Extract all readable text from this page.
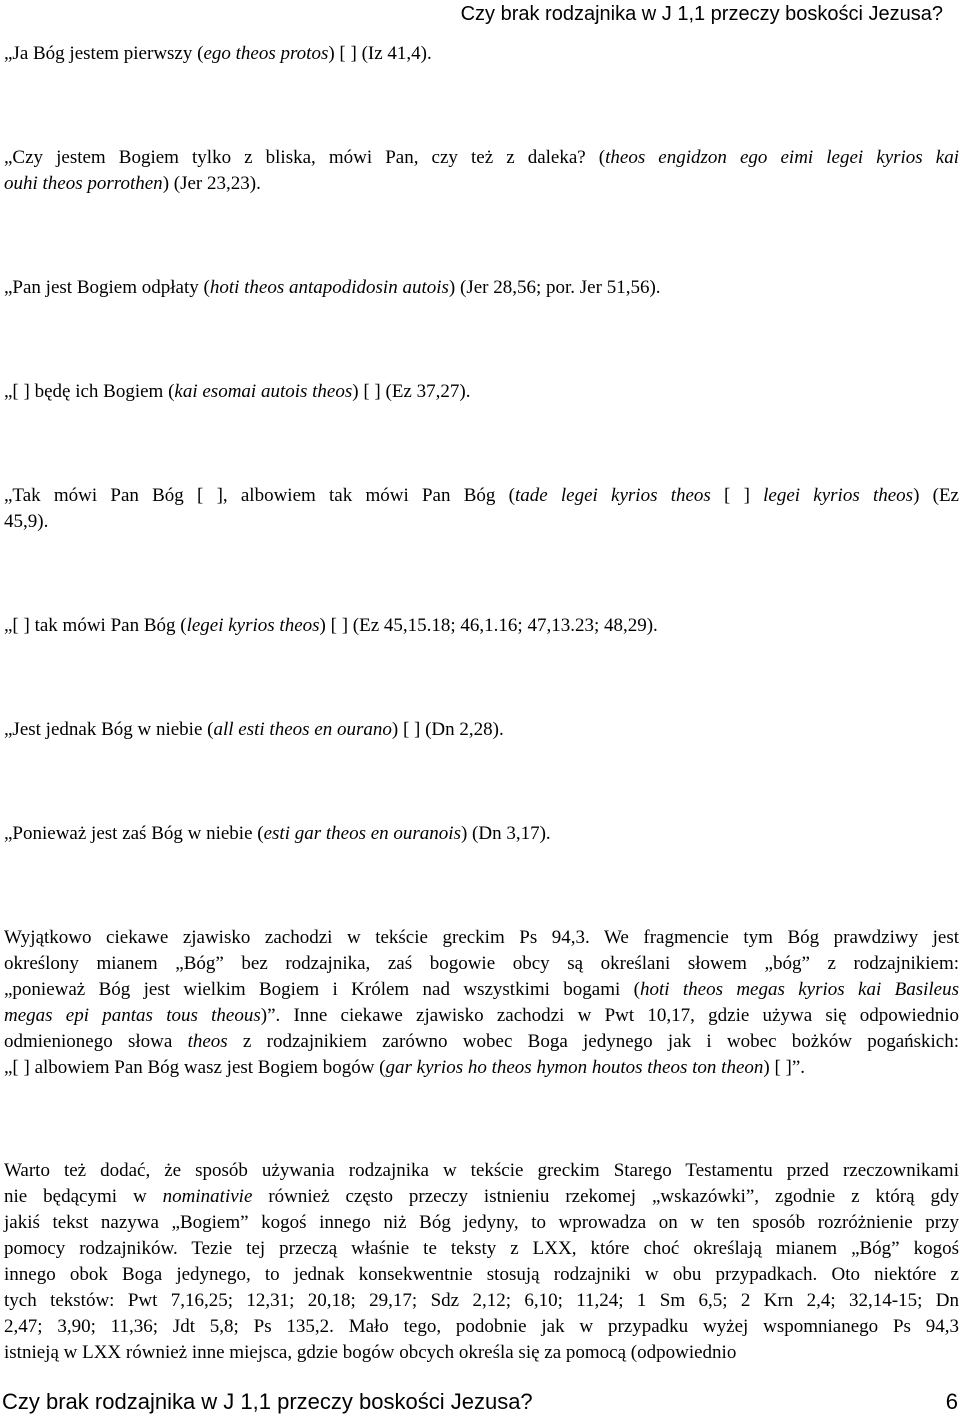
Czy brak rodzajnika w J 1,1 przeczy boskości Jezusa?

„Ja Bóg jestem pierwszy (ego theos protos) [ ] (Iz 41,4).

„Czy jestem Bogiem tylko z bliska, mówi Pan, czy też z daleka? (theos engidzon ego eimi legei kyrios kai

ouhi theos porrothen) (Jer 23,23).

„Pan jest Bogiem odpłaty (hoti theos antapodidosin autois) (Jer 28,56; por. Jer 51,56).

„[ ] będę ich Bogiem (kai esomai autois theos) [ ] (Ez 37,27).

„Tak mówi Pan Bóg [ ], albowiem tak mówi Pan Bóg (tade legei kyrios theos [ ] legei kyrios theos) (Ez

45,9).

„[ ] tak mówi Pan Bóg (legei kyrios theos) [ ] (Ez 45,15.18; 46,1.16; 47,13.23; 48,29).

„Jest jednak Bóg w niebie (all esti theos en ourano) [ ] (Dn 2,28).

„Ponieważ jest zaś Bóg w niebie (esti gar theos en ouranois) (Dn 3,17).

Wyjątkowo ciekawe zjawisko zachodzi w tekście greckim Ps 94,3. We fragmencie tym Bóg prawdziwy jest

określony mianem „Bóg” bez rodzajnika, zaś bogowie obcy są określani słowem „bóg” z rodzajnikiem:

„ponieważ Bóg jest wielkim Bogiem i Królem nad wszystkimi bogami (hoti theos megas kyrios kai Basileus

megas epi pantas tous theous)”. Inne ciekawe zjawisko zachodzi w Pwt 10,17, gdzie używa się odpowiednio

odmienionego słowa theos z rodzajnikiem zarówno wobec Boga jedynego jak i wobec bożków pogańskich:

„[ ] albowiem Pan Bóg wasz jest Bogiem bogów (gar kyrios ho theos hymon houtos theos ton theon) [ ]”.

Warto też dodać, że sposób używania rodzajnika w tekście greckim Starego Testamentu przed rzeczownikami

nie będącymi w nominativie również często przeczy istnieniu rzekomej „wskazówki”, zgodnie z którą gdy

jakiś tekst nazywa „Bogiem” kogoś innego niż Bóg jedyny, to wprowadza on w ten sposób rozróżnienie przy

pomocy rodzajników. Tezie tej przeczą właśnie te teksty z LXX, które choć określają mianem „Bóg” kogoś

innego obok Boga jedynego, to jednak konsekwentnie stosują rodzajniki w obu przypadkach. Oto niektóre z

tych tekstów: Pwt 7,16,25; 12,31; 20,18; 29,17; Sdz 2,12; 6,10; 11,24; 1 Sm 6,5; 2 Krn 2,4; 32,14-15; Dn

2,47; 3,90; 11,36; Jdt 5,8; Ps 135,2. Mało tego, podobnie jak w przypadku wyżej wspomnianego Ps 94,3

istnieją w LXX również inne miejsca, gdzie bogów obcych określa się za pomocą (odpowiednio

Czy brak rodzajnika w J 1,1 przeczy boskości Jezusa?	6
